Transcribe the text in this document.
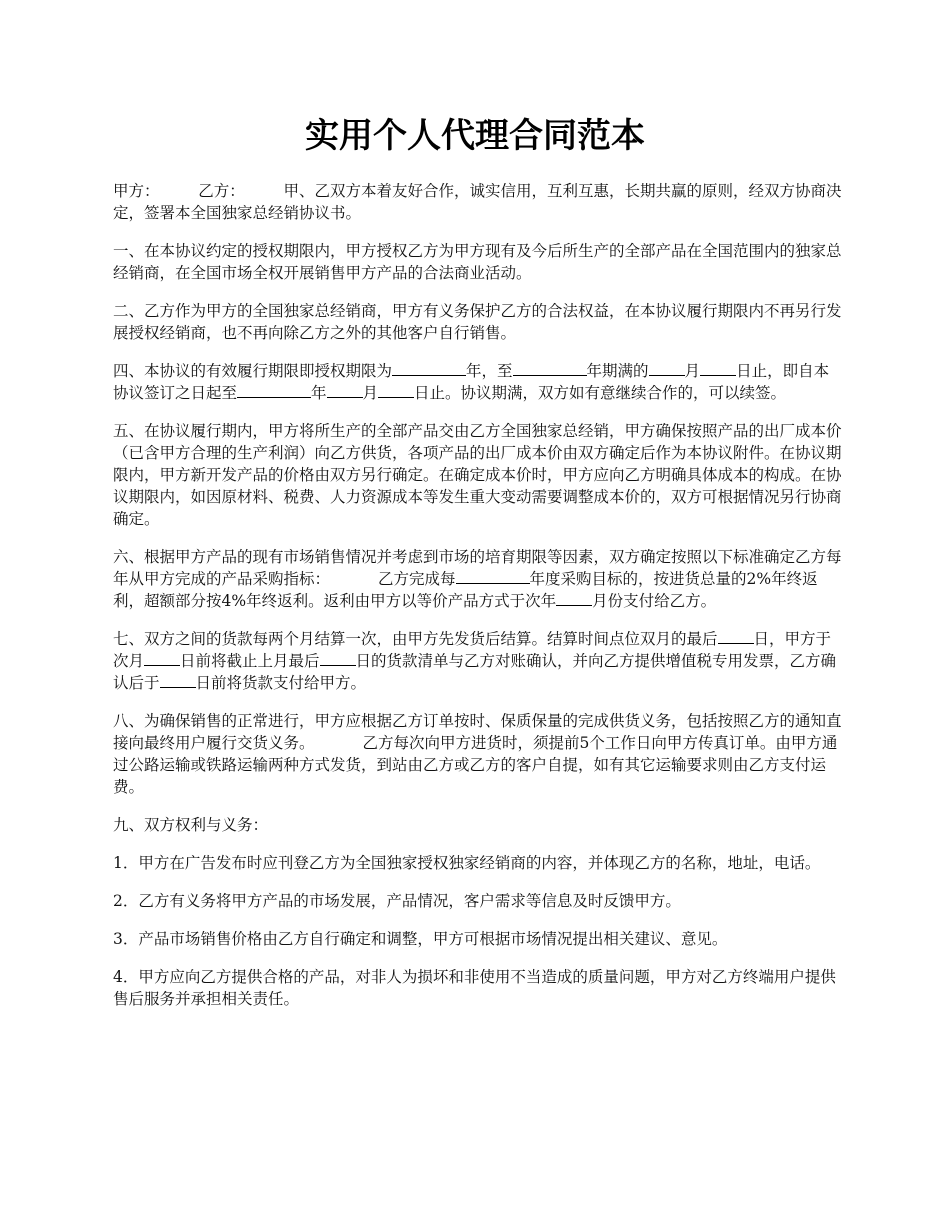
实用个人代理合同范本

甲方：　　　乙方：　　　甲、乙双方本着友好合作，诚实信用，互利互惠，长期共赢的原则，经双方协商决定，签署本全国独家总经销协议书。

一、在本协议约定的授权期限内，甲方授权乙方为甲方现有及今后所生产的全部产品在全国范围内的独家总经销商，在全国市场全权开展销售甲方产品的合法商业活动。

二、乙方作为甲方的全国独家总经销商，甲方有义务保护乙方的合法权益，在本协议履行期限内不再另行发展授权经销商，也不再向除乙方之外的其他客户自行销售。

四、本协议的有效履行期限即授权期限为	年，至	年期满的 月 日止，即自本协议签订之日起至	年 月 日止。协议期满，双方如有意继续合作的，可以续签。

五、在协议履行期内，甲方将所生产的全部产品交由乙方全国独家总经销，甲方确保按照产品的出厂成本价（已含甲方合理的生产利润）向乙方供货，各项产品的出厂成本价由双方确定后作为本协议附件。在协议期限内，甲方新开发产品的价格由双方另行确定。在确定成本价时，甲方应向乙方明确具体成本的构成。在协议期限内，如因原材料、税费、人力资源成本等发生重大变动需要调整成本价的，双方可根据情况另行协商确定。

六、根据甲方产品的现有市场销售情况并考虑到市场的培育期限等因素，双方确定按照以下标准确定乙方每年从甲方完成的产品采购指标：	乙方完成每	年度采购目标的，按进货总量的2%年终返利，超额部分按4%年终返利。返利由甲方以等价产品方式于次年 月份支付给乙方。

七、双方之间的货款每两个月结算一次，由甲方先发货后结算。结算时间点位双月的最后 日，甲方于次月 日前将截止上月最后 日的货款清单与乙方对账确认，并向乙方提供增值税专用发票，乙方确认后于 日前将货款支付给甲方。

八、为确保销售的正常进行，甲方应根据乙方订单按时、保质保量的完成供货义务，包括按照乙方的通知直接向最终用户履行交货义务。	乙方每次向甲方进货时，须提前5个工作日向甲方传真订单。由甲方通过公路运输或铁路运输两种方式发货，到站由乙方或乙方的客户自提，如有其它运输要求则由乙方支付运费。

九、双方权利与义务：

1．甲方在广告发布时应刊登乙方为全国独家授权独家经销商的内容，并体现乙方的名称，地址，电话。

2．乙方有义务将甲方产品的市场发展，产品情况，客户需求等信息及时反馈甲方。

3．产品市场销售价格由乙方自行确定和调整，甲方可根据市场情况提出相关建议、意见。

4．甲方应向乙方提供合格的产品，对非人为损坏和非使用不当造成的质量问题，甲方对乙方终端用户提供售后服务并承担相关责任。
